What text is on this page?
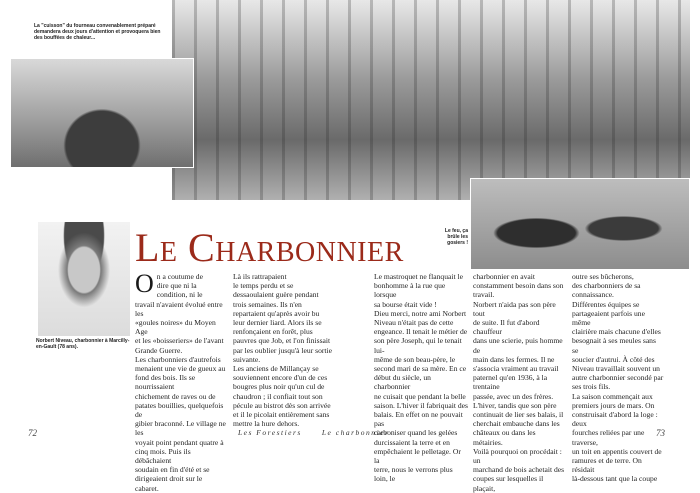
La "cuisson" du fourneau convenablement préparé demandera deux jours d'attention et provoquera bien des bouffées de chaleur...
Le feu, ça brûle les gosiers !
Norbert Niveau, charbonnier à Marcilly-en-Gault (78 ans).
Le Charbonnier
On a coutume de
dire que ni la
condition, ni le
travail n'avaient évolué entre les
«goules noires» du Moyen Age
et les «boisseriers» de l'avant
Grande Guerre.
Les charbonniers d'autrefois
menaient une vie de gueux au
fond des bois. Ils se nourrissaient
chichement de raves ou de
patates bouillies, quelquefois de
gibier braconné. Le village ne les
voyait point pendant quatre à
cinq mois. Puis ils débâchaient
soudain en fin d'été et se
dirigeaient droit sur le cabaret.
Là ils rattrapaient
le temps perdu et se
dessaoulaient guère pendant
trois semaines. Ils n'en
repartaient qu'après avoir bu
leur dernier liard. Alors ils se
renfonçaient en forêt, plus
pauvres que Job, et l'on finissait
par les oublier jusqu'à leur sortie
suivante.
Les anciens de Millançay se
souviennent encore d'un de ces
bougres plus noir qu'un cul de
chaudron ; il confiait tout son
pécule au bistrot dès son arrivée
et il le picolait entièrement sans
mettre la hure dehors.
Le mastroquet ne flanquait le
bonhomme à la rue que lorsque
sa bourse était vide !
Dieu merci, notre ami Norbert
Niveau n'était pas de cette
engeance. Il tenait le métier de
son père Joseph, qui le tenait lui-
même de son beau-père, le
second mari de sa mère. En ce
début du siècle, un charbonnier
ne cuisait que pendant la belle
saison. L'hiver il fabriquait des
balais. En effet on ne pouvait pas
carboniser quand les gelées
durcissaient la terre et en
empêchaient le pelletage. Or la
terre, nous le verrons plus loin, le
charbonnier en avait
constamment besoin dans son
travail.
Norbert n'aida pas son père tout
de suite. Il fut d'abord chauffeur
dans une scierie, puis homme de
main dans les fermes. Il ne
s'associa vraiment au travail
paternel qu'en 1936, à la trentaine
passée, avec un des frères.
L'hiver, tandis que son père
continuait de lier ses balais, il
cherchait embauche dans les
châteaux ou dans les métairies.
Voilà pourquoi on procédait : un
marchand de bois achetait des
coupes sur lesquelles il plaçait,
outre ses bûcherons,
des charbonniers de sa connaissance.
Différentes équipes se
partageaient parfois une même
clairière mais chacune d'elles
besognait à ses meules sans se
soucier d'autrui. À côté des
Niveau travaillait souvent un
autre charbonnier secondé par
ses trois fils.
La saison commençait aux
premiers jours de mars. On
construisait d'abord la loge : deux
fourches reliées par une traverse,
un toit en appentis couvert de
ramures et de terre. On résidait
là-dessous tant que la coupe
72	Les Forestiers	Le charbonnier	73
